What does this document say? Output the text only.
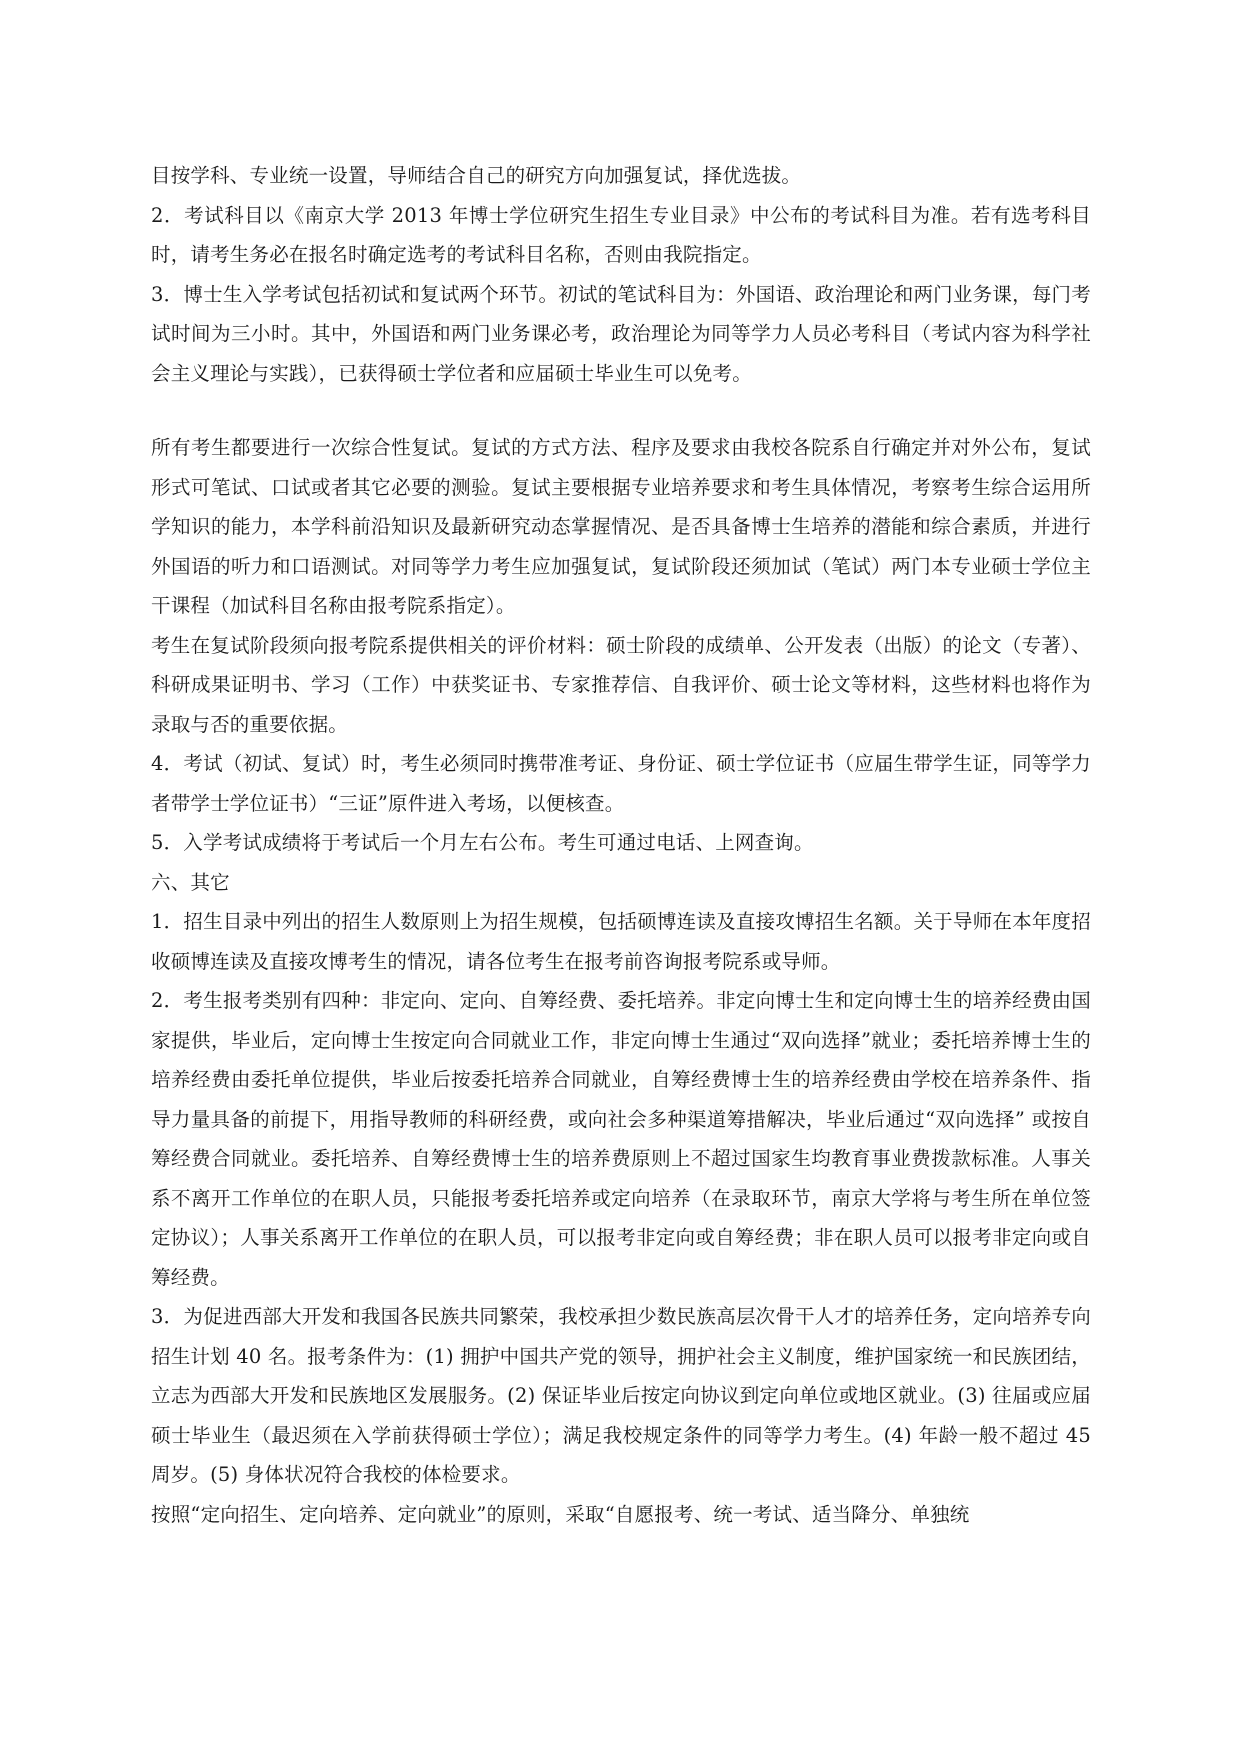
目按学科、专业统一设置，导师结合自己的研究方向加强复试，择优选拔。

2．考试科目以《南京大学 2013 年博士学位研究生招生专业目录》中公布的考试科目为准。若有选考科目时，请考生务必在报名时确定选考的考试科目名称，否则由我院指定。

3．博士生入学考试包括初试和复试两个环节。初试的笔试科目为：外国语、政治理论和两门业务课，每门考试时间为三小时。其中，外国语和两门业务课必考，政治理论为同等学力人员必考科目（考试内容为科学社会主义理论与实践），已获得硕士学位者和应届硕士毕业生可以免考。

所有考生都要进行一次综合性复试。复试的方式方法、程序及要求由我校各院系自行确定并对外公布，复试形式可笔试、口试或者其它必要的测验。复试主要根据专业培养要求和考生具体情况，考察考生综合运用所学知识的能力，本学科前沿知识及最新研究动态掌握情况、是否具备博士生培养的潜能和综合素质，并进行外国语的听力和口语测试。对同等学力考生应加强复试，复试阶段还须加试（笔试）两门本专业硕士学位主干课程（加试科目名称由报考院系指定）。

考生在复试阶段须向报考院系提供相关的评价材料：硕士阶段的成绩单、公开发表（出版）的论文（专著）、科研成果证明书、学习（工作）中获奖证书、专家推荐信、自我评价、硕士论文等材料，这些材料也将作为录取与否的重要依据。

4．考试（初试、复试）时，考生必须同时携带准考证、身份证、硕士学位证书（应届生带学生证，同等学力者带学士学位证书）“三证”原件进入考场，以便核查。

5．入学考试成绩将于考试后一个月左右公布。考生可通过电话、上网查询。

六、其它

1．招生目录中列出的招生人数原则上为招生规模，包括硕博连读及直接攻博招生名额。关于导师在本年度招收硕博连读及直接攻博考生的情况，请各位考生在报考前咨询报考院系或导师。

2．考生报考类别有四种：非定向、定向、自筹经费、委托培养。非定向博士生和定向博士生的培养经费由国家提供，毕业后，定向博士生按定向合同就业工作，非定向博士生通过“双向选择”就业；委托培养博士生的培养经费由委托单位提供，毕业后按委托培养合同就业，自筹经费博士生的培养经费由学校在培养条件、指导力量具备的前提下，用指导教师的科研经费，或向社会多种渠道筹措解决，毕业后通过“双向选择” 或按自筹经费合同就业。委托培养、自筹经费博士生的培养费原则上不超过国家生均教育事业费拨款标准。人事关系不离开工作单位的在职人员，只能报考委托培养或定向培养（在录取环节，南京大学将与考生所在单位签定协议）；人事关系离开工作单位的在职人员，可以报考非定向或自筹经费；非在职人员可以报考非定向或自筹经费。

3．为促进西部大开发和我国各民族共同繁荣，我校承担少数民族高层次骨干人才的培养任务，定向培养专向招生计划 40 名。报考条件为：(1) 拥护中国共产党的领导，拥护社会主义制度，维护国家统一和民族团结，立志为西部大开发和民族地区发展服务。(2) 保证毕业后按定向协议到定向单位或地区就业。(3) 往届或应届硕士毕业生（最迟须在入学前获得硕士学位）；满足我校规定条件的同等学力考生。(4) 年龄一般不超过 45 周岁。(5) 身体状况符合我校的体检要求。

按照“定向招生、定向培养、定向就业”的原则，采取“自愿报考、统一考试、适当降分、单独统
